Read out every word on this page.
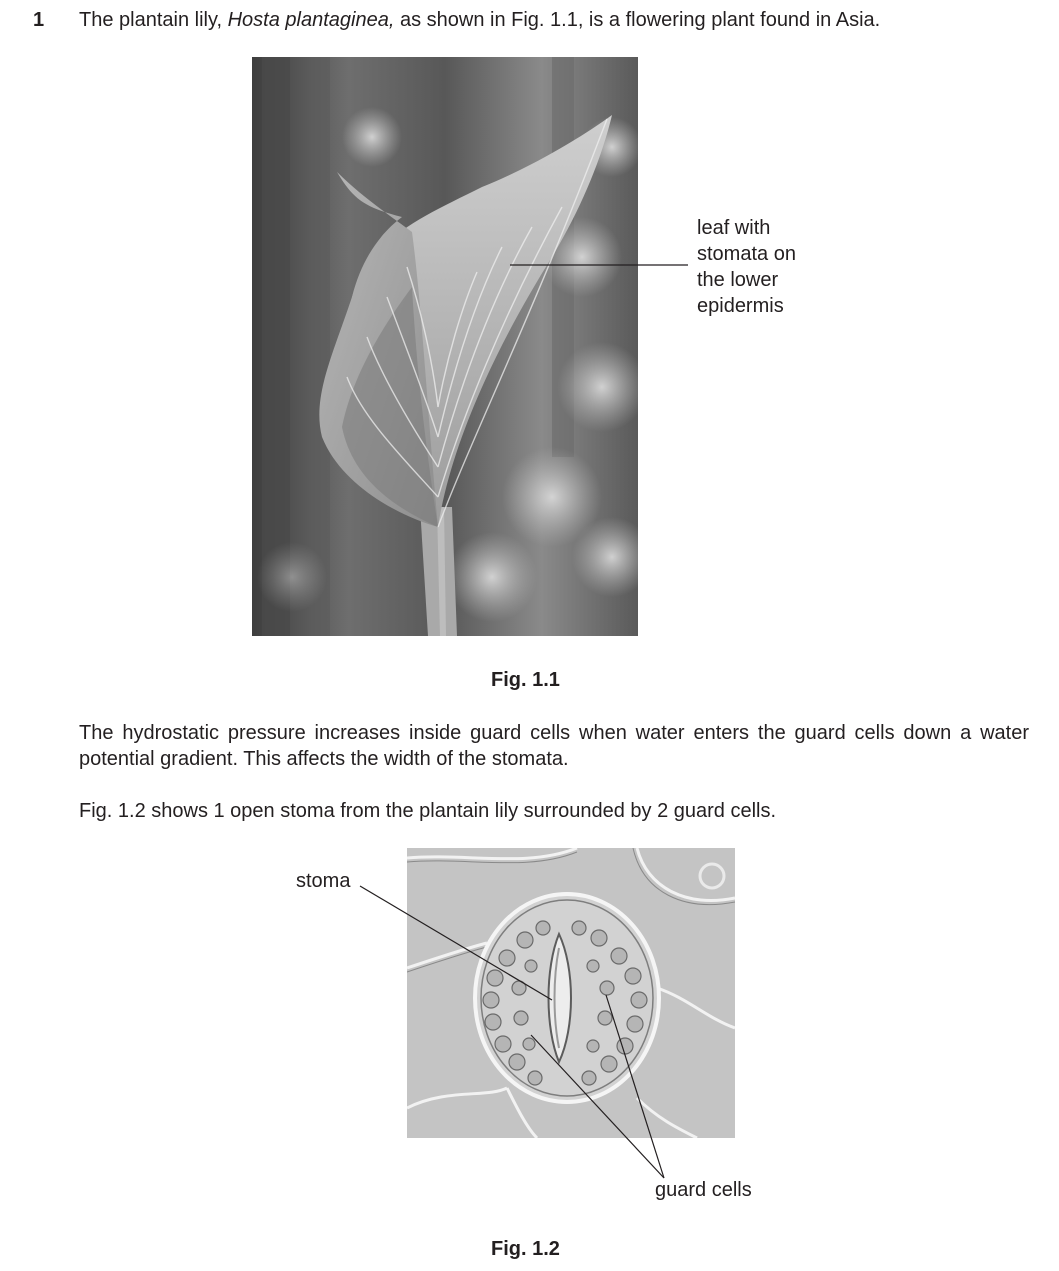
1 The plantain lily, Hosta plantaginea, as shown in Fig. 1.1, is a flowering plant found in Asia.
leaf with
stomata on
the lower
epidermis
Fig. 1.1
The hydrostatic pressure increases inside guard cells when water enters the guard cells down a water potential gradient. This affects the width of the stomata.
Fig. 1.2 shows 1 open stoma from the plantain lily surrounded by 2 guard cells.
stoma
guard cells
Fig. 1.2
